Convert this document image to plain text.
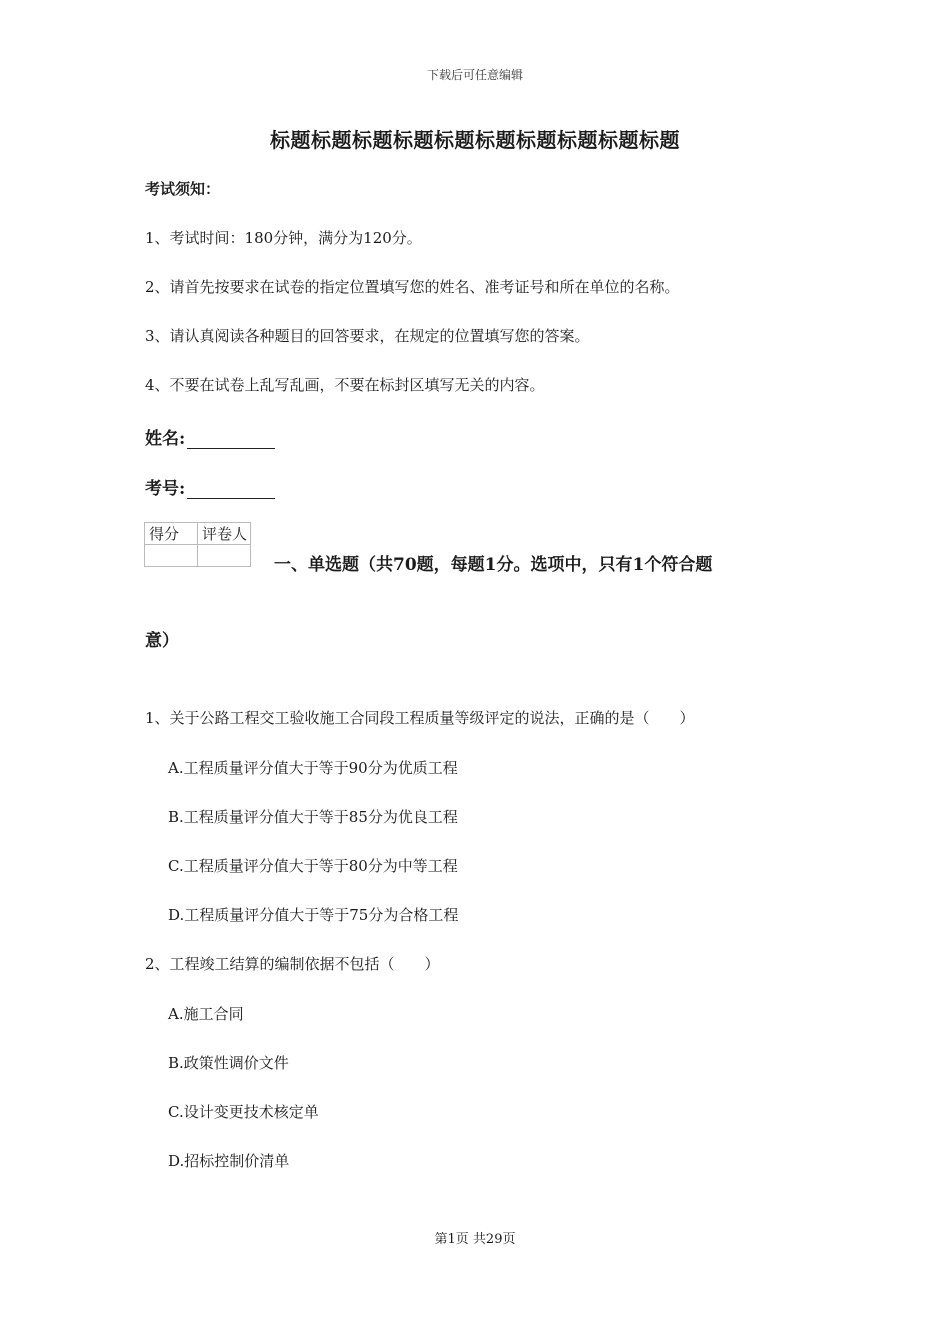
下载后可任意编辑
标题标题标题标题标题标题标题标题标题标题
考试须知：
1、考试时间：180分钟，满分为120分。
2、请首先按要求在试卷的指定位置填写您的姓名、准考证号和所在单位的名称。
3、请认真阅读各种题目的回答要求，在规定的位置填写您的答案。
4、不要在试卷上乱写乱画，不要在标封区填写无关的内容。
姓名:
考号:
得分	评卷人

一、单选题（共70题，每题1分。选项中，只有1个符合题
意）
1、关于公路工程交工验收施工合同段工程质量等级评定的说法，正确的是（　　）
A.工程质量评分值大于等于90分为优质工程
B.工程质量评分值大于等于85分为优良工程
C.工程质量评分值大于等于80分为中等工程
D.工程质量评分值大于等于75分为合格工程
2、工程竣工结算的编制依据不包括（　　）
A.施工合同
B.政策性调价文件
C.设计变更技术核定单
D.招标控制价清单
第1页 共29页
